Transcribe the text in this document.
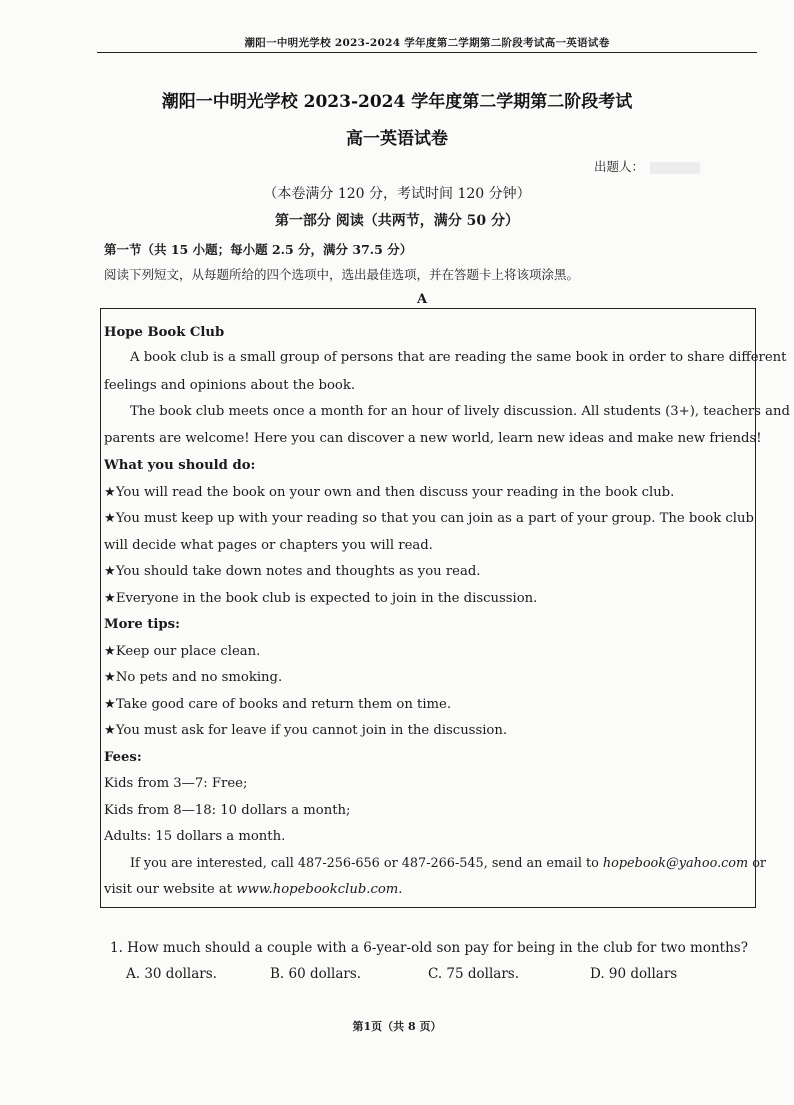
潮阳一中明光学校 2023-2024 学年度第二学期第二阶段考试高一英语试卷
潮阳一中明光学校 2023-2024 学年度第二学期第二阶段考试
高一英语试卷
出题人：
（本卷满分 120 分，考试时间 120 分钟）
第一部分 阅读（共两节，满分 50 分）
第一节（共 15 小题；每小题 2.5 分，满分 37.5 分）
阅读下列短文，从每题所给的四个选项中，选出最佳选项，并在答题卡上将该项涂黑。
A
Hope Book Club
A book club is a small group of persons that are reading the same book in order to share different
feelings and opinions about the book.
The book club meets once a month for an hour of lively discussion. All students (3+), teachers and
parents are welcome! Here you can discover a new world, learn new ideas and make new friends!
What you should do:
★You will read the book on your own and then discuss your reading in the book club.
★You must keep up with your reading so that you can join as a part of your group. The book club
will decide what pages or chapters you will read.
★You should take down notes and thoughts as you read.
★Everyone in the book club is expected to join in the discussion.
More tips:
★Keep our place clean.
★No pets and no smoking.
★Take good care of books and return them on time.
★You must ask for leave if you cannot join in the discussion.
Fees:
Kids from 3—7: Free;
Kids from 8—18: 10 dollars a month;
Adults: 15 dollars a month.
If you are interested, call 487-256-656 or 487-266-545, send an email to hopebook@yahoo.com or
visit our website at www.hopebookclub.com.
1. How much should a couple with a 6-year-old son pay for being in the club for two months?
A. 30 dollars.	B. 60 dollars.	C. 75 dollars.	D. 90 dollars
第1页（共 8 页）
